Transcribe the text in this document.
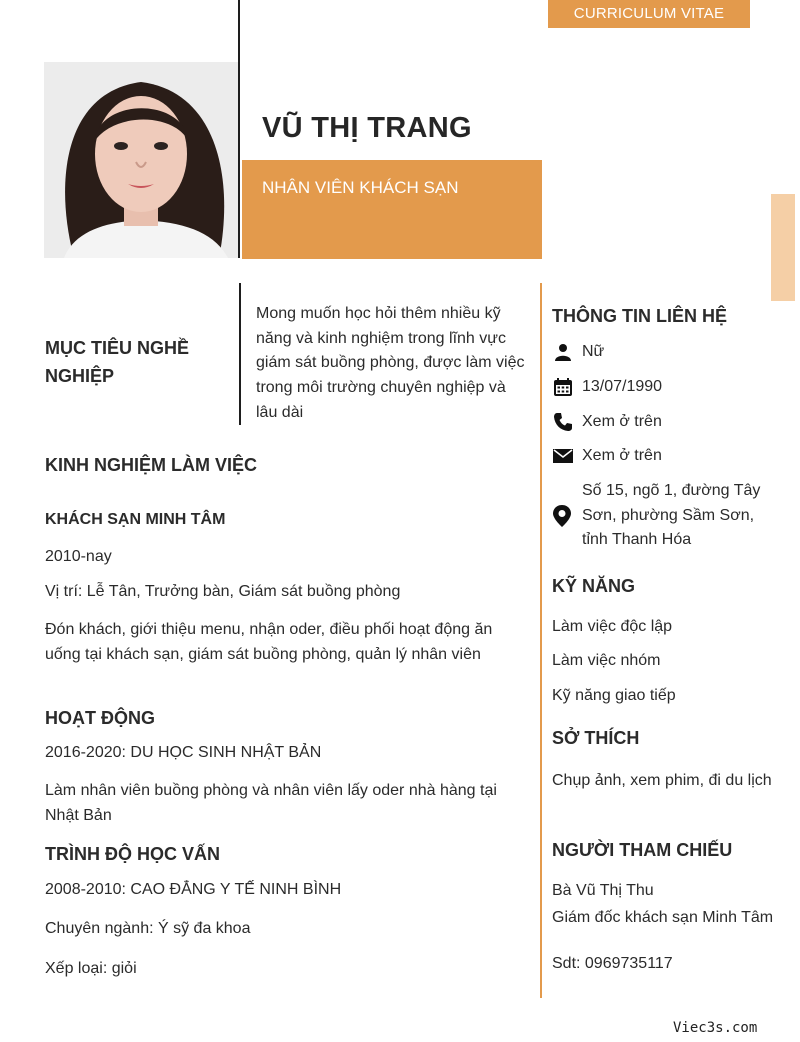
CURRICULUM VITAE
VŨ THỊ TRANG
NHÂN VIÊN KHÁCH SẠN
MỤC TIÊU NGHỀ NGHIỆP
Mong muốn học hỏi thêm nhiều kỹ năng và kinh nghiệm trong lĩnh vực giám sát buồng phòng, được làm việc trong môi trường chuyên nghiệp và lâu dài
KINH NGHIỆM LÀM VIỆC
KHÁCH SẠN MINH TÂM
2010-nay
Vị trí: Lễ Tân, Trưởng bàn, Giám sát buồng phòng
Đón khách, giới thiệu menu, nhận oder, điều phối hoạt động ăn uống tại khách sạn, giám sát buồng phòng, quản lý nhân viên
HOẠT ĐỘNG
2016-2020: DU HỌC SINH NHẬT BẢN
Làm nhân viên buồng phòng và nhân viên lấy oder nhà hàng tại Nhật Bản
TRÌNH ĐỘ HỌC VẤN
2008-2010: CAO ĐẲNG Y TẾ NINH BÌNH
Chuyên ngành: Ý sỹ đa khoa
Xếp loại: giỏi
THÔNG TIN LIÊN HỆ
Nữ
13/07/1990
Xem ở trên
Xem ở trên
Số 15, ngõ 1, đường Tây Sơn, phường Sầm Sơn, tỉnh Thanh Hóa
KỸ NĂNG
Làm việc độc lập
Làm việc nhóm
Kỹ năng giao tiếp
SỞ THÍCH
Chụp ảnh, xem phim, đi du lịch
NGƯỜI THAM CHIẾU
Bà Vũ Thị Thu
Giám đốc khách sạn Minh Tâm
Sdt: 0969735117
Viec3s.com
